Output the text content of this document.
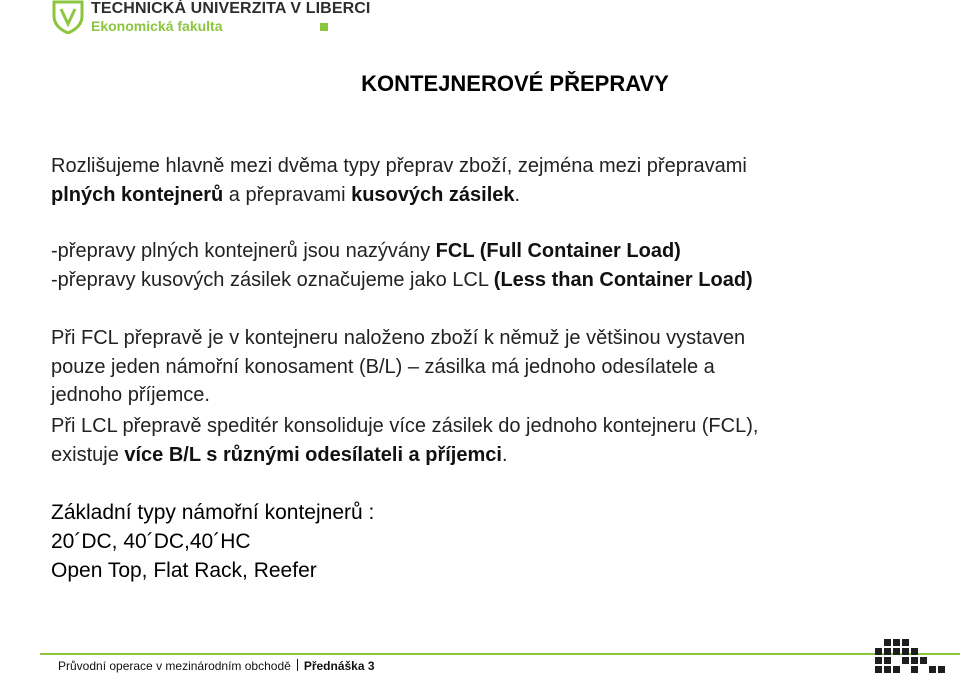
TECHNICKÁ UNIVERZITA V LIBERCI
Ekonomická fakulta
KONTEJNEROVÉ PŘEPRAVY
Rozlišujeme hlavně mezi dvěma typy přeprav zboží, zejména mezi přepravami
plných kontejnerů a přepravami kusových zásilek.
-přepravy plných kontejnerů jsou nazývány FCL (Full Container Load)
-přepravy kusových zásilek označujeme jako LCL (Less than Container Load)
Při FCL přepravě je v kontejneru naloženo zboží k němuž je většinou vystaven
pouze jeden námořní konosament (B/L) – zásilka má jednoho odesílatele a
jednoho příjemce.
Při LCL přepravě speditér konsoliduje více zásilek do jednoho kontejneru (FCL),
existuje více B/L s různými odesílateli a příjemci.
Základní typy námořní kontejnerů :
20´DC, 40´DC,40´HC
Open Top, Flat Rack, Reefer
Průvodní operace v mezinárodním obchodě Přednáška 3
